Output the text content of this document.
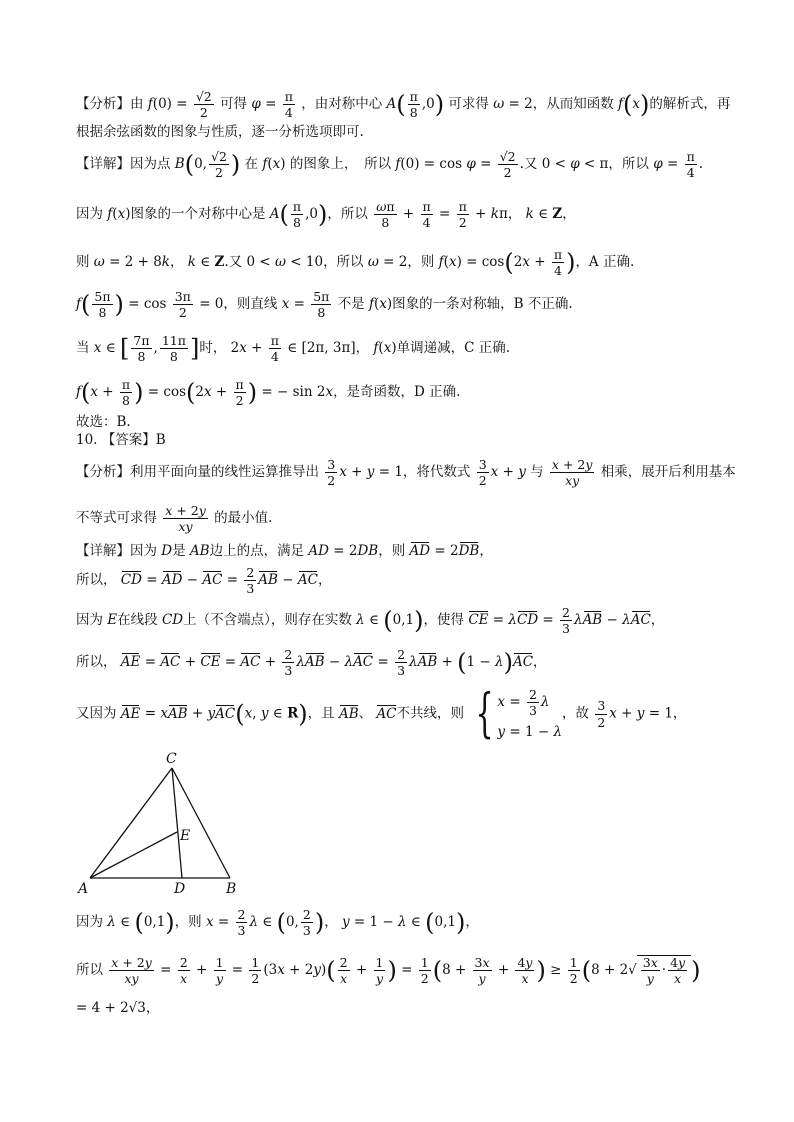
【分析】由 $f(0) = \frac{√2}{2}$ 可得 $\varphi = \frac{\pi}{4}$ ，由对称中心 $A( \frac{\pi}{8} ,0)$ 可求得 ω = 2，从而知函数 f(x)的解析式，再
根据余弦函数的图象与性质，逐一分析选项即可.
【详解】因为点 B(0, $\frac{√2}{2}$ ) 在 f(x) 的图象上，　所以 $f(0) = \cos \varphi = \frac{√2}{2}$ .又 0 < φ < π，所以 $\varphi = \frac{\pi}{4}$ .
因为 f(x)图象的一个对称中心是 $A( \frac{\pi}{8} ,0)$，所以 $\frac{\omega\pi}{8} + \frac{\pi}{4} = \frac{\pi}{2} + k\pi$， k ∈ Z，
则 ω = 2 + 8k， k ∈ Z.又 0 < ω < 10，所以 ω = 2，则 $f(x) = \cos(2x + \frac{\pi}{4}$ )，A 正确.
$f( \frac{5\pi}{8}$ ) = $\cos \frac{3\pi}{2} = 0$，则直线 $x = \frac{5\pi}{8}$ 不是 f(x)图象的一条对称轴，B 不正确.
当 x ∈ [ $\frac{7\pi}{8}$ , $\frac{11\pi}{8}$ ]时， $2x + \frac{\pi}{4}$ ∈ [2π, 3π]， f(x)单调递减，C 正确.
$f(x + \frac{\pi}{8}$ ) = $\cos(2x + \frac{\pi}{2}$ ) = − sin 2x，是奇函数，D 正确.
故选：B.
10. 【答案】B
【分析】利用平面向量的线性运算推导出 $\frac{3}{2}$ x + y = 1，将代数式 $\frac{3}{2}$ x + y 与 $\frac{x + 2y}{xy}$ 相乘，展开后利用基本
不等式可求得 $\frac{x + 2y}{xy}$ 的最小值.
【详解】因为 D是 AB边上的点，满足 AD = 2DB，则 AD = 2DB，
所以， CD = AD − AC = $\frac{2}{3}$ AB − AC，
因为 E在线段 CD上（不含端点），则存在实数 λ ∈ (0,1)，使得 CE = $\lambda CD = \frac{2}{3}$ λAB − λAC，
所以， AE = AC + CE = AC + $\frac{2}{3}$ $\lambda AB - \lambda AC = \frac{2}{3}$ λAB + (1 − λ)AC，
又因为 AE = xAB + yAC(x, y ∈ R)，且 AB、 AC不共线，则 { $x = \frac{2}{3}$ λ
y = 1 − λ
，故 $\frac{3}{2}$ x + y = 1，
C
E
A	D	B
因为 λ ∈ (0,1)，则 $x = \frac{2}{3}$ λ ∈ (0, $\frac{2}{3}$ )， y = 1 − λ ∈ (0,1)，
所以 $\frac{x + 2y}{xy} = \frac{2}{x} + \frac{1}{y} = \frac{1}{2} (3x + 2y)( \frac{2}{x} + \frac{1}{y}$ ) = $\frac{1}{2} (8 + \frac{3x}{y} + \frac{4y}{x}$ ) ≥ $\frac{1}{2} (8 + 2√ \frac{3x}{y} \cdot \frac{4y}{x}$ )
= 4 + 2√3，
